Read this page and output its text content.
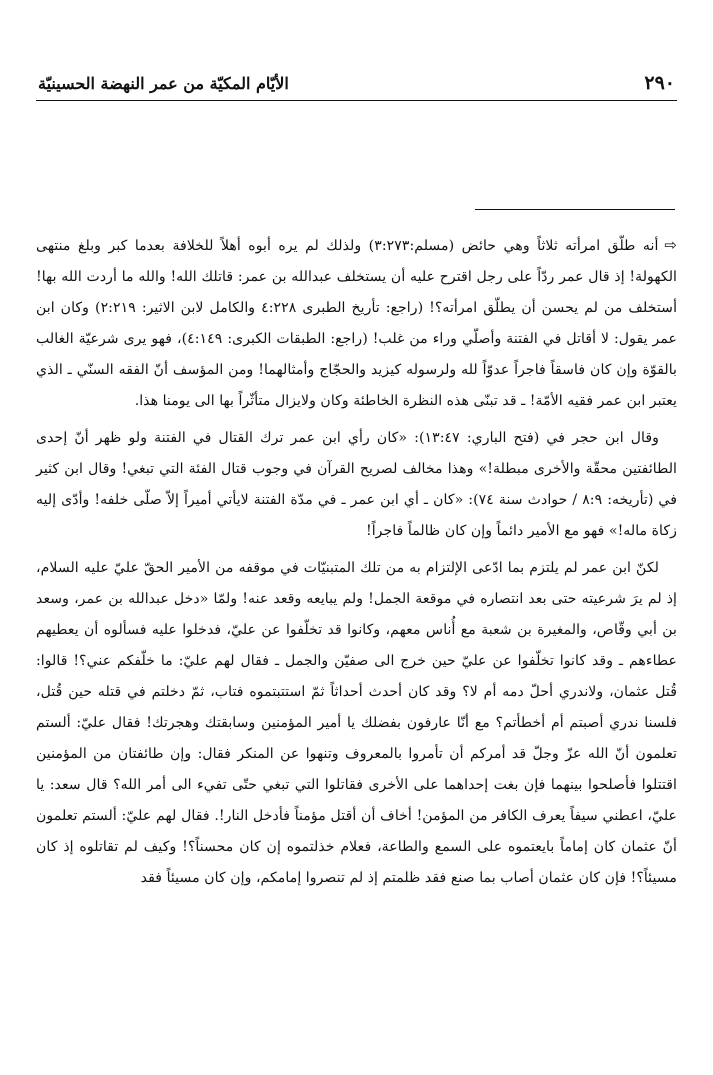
٢٩٠
الأيّام المكيّة من عمر النهضة الحسينيّة

⇨أنه طلّق امرأته ثلاثاً وهي حائض (مسلم:٣:٢٧٣) ولذلك لم يره أبوه أهلاً للخلافة بعدما كبر وبلغ منتهى الكهولة! إذ قال عمر ردّاً على رجل اقترح عليه أن يستخلف عبدالله بن عمر: قاتلك الله! والله ما أردت الله بها! أستخلف من لم يحسن أن يطلّق امرأته؟! (راجع: تأريخ الطبرى ٤:٢٢٨ والكامل لابن الاثير: ٢:٢١٩) وكان ابن عمر يقول: لا أقاتل في الفتنة وأصلّي وراء من غلب! (راجع: الطبقات الكبرى: ٤:١٤٩)، فهو يرى شرعيّة الغالب بالقوّة وإن كان فاسقاً فاجراً عدوّاً لله ولرسوله كيزيد والحجّاج وأمثالهما! ومن المؤسف أنّ الفقه السنّي ـ الذي يعتبر ابن عمر فقيه الأمّة! ـ قد تبنّى هذه النظرة الخاطئة وكان ولايزال متأثّراً بها الى يومنا هذا.

وقال ابن حجر في (فتح الباري: ١٣:٤٧): «كان رأي ابن عمر ترك القتال في الفتنة ولو ظهر أنّ إحدى الطائفتين محقّة والأخرى مبطلة!» وهذا مخالف لصريح القرآن في وجوب قتال الفئة التي تبغي! وقال ابن كثير في (تأريخه: ٨:٩ / حوادث سنة ٧٤): «كان ـ أي ابن عمر ـ في مدّة الفتنة لايأتي أميراً إلاّ صلّى خلفه! وأدّى إليه زكاة ماله!» فهو مع الأمير دائماً وإن كان ظالماً فاجراً!

لكنّ ابن عمر لم يلتزم بما ادّعى الإلتزام به من تلك المتبنيّات في موقفه من الأمير الحقّ عليّ عليه السلام، إذ لم يرَ شرعيته حتى بعد انتصاره في موقعة الجمل! ولم يبايعه وقعد عنه! ولمّا «دخل عبدالله بن عمر، وسعد بن أبي وقّاص، والمغيرة بن شعبة مع أُناس معهم، وكانوا قد تخلّفوا عن عليّ، فدخلوا عليه فسألوه أن يعطيهم عطاءهم ـ وقد كانوا تخلّفوا عن عليّ حين خرج الى صفيّن والجمل ـ فقال لهم عليّ: ما خلّفكم عني؟! قالوا: قُتل عثمان، ولاندري أحلّ دمه أم لا؟ وقد كان أحدث أحداثاً ثمّ استتبتموه فتاب، ثمّ دخلتم في قتله حين قُتل، فلسنا ندري أصبتم أم أخطأتم؟ مع أنّا عارفون بفضلك يا أمير المؤمنين وسابقتك وهجرتك! فقال عليّ: ألستم تعلمون أنّ الله عزّ وجلّ قد أمركم أن تأمروا بالمعروف وتنهوا عن المنكر فقال: وإن طائفتان من المؤمنين اقتتلوا فأصلحوا بينهما فإن بغت إحداهما على الأخرى فقاتلوا التي تبغي حتّى تفيء الى أمر الله؟ قال سعد: يا عليّ، اعطني سيفاً يعرف الكافر من المؤمن! أخاف أن أقتل مؤمناً فأدخل النار!. فقال لهم عليّ: ألستم تعلمون أنّ عثمان كان إماماً بايعتموه على السمع والطاعة، فعلام خذلتموه إن كان محسناً؟! وكيف لم تقاتلوه إذ كان مسيئاً؟! فإن كان عثمان أصاب بما صنع فقد ظلمتم إذ لم تنصروا إمامكم، وإن كان مسيئاً فقد
